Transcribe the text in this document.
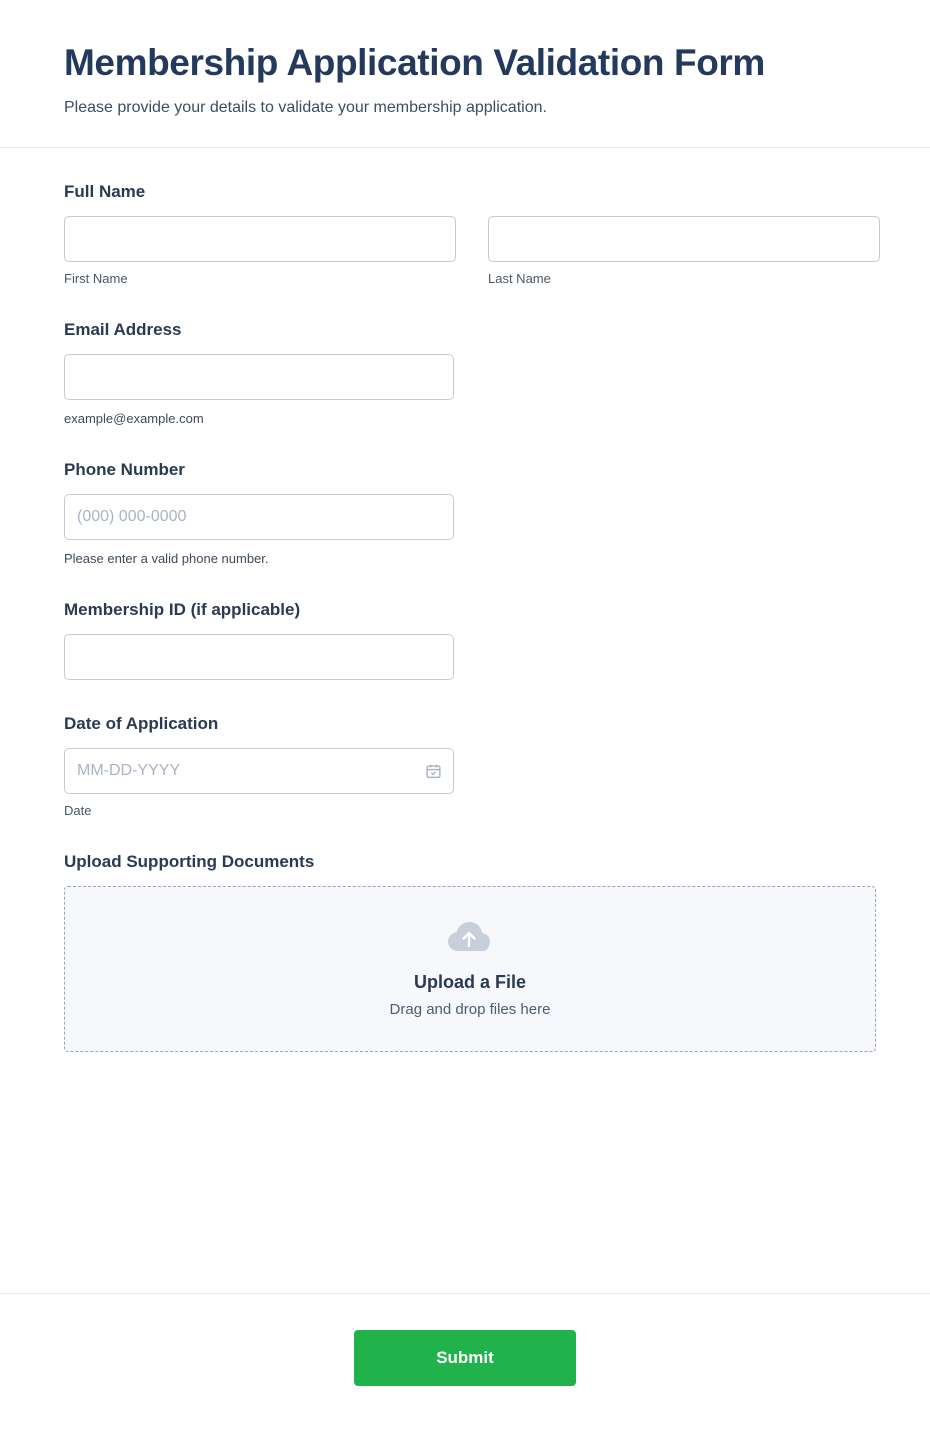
Membership Application Validation Form

Please provide your details to validate your membership application.

Full Name
First Name	Last Name
Email Address
example@example.com
Phone Number
(000) 000-0000
Please enter a valid phone number.
Membership ID (if applicable)
Date of Application
MM-DD-YYYY
Date
Upload Supporting Documents
Upload a File
Drag and drop files here
Submit
